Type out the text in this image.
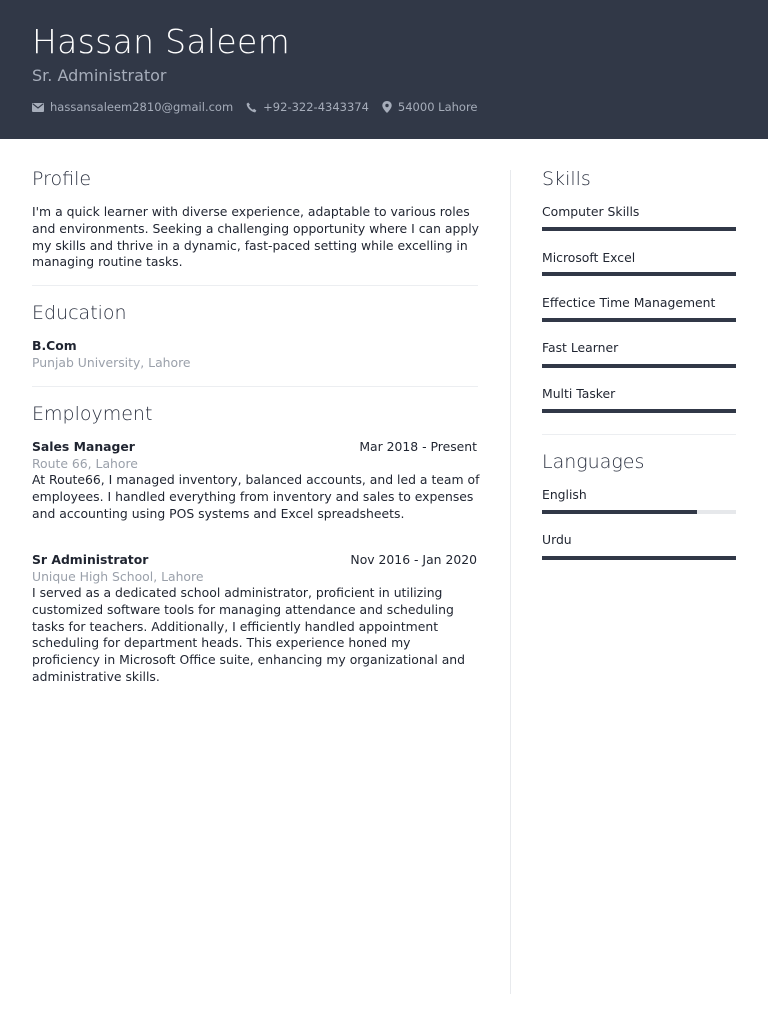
Hassan Saleem
Sr. Administrator
hassansaleem2810@gmail.com	+92-322-4343374	54000 Lahore
Profile
I'm a quick learner with diverse experience, adaptable to various roles and environments. Seeking a challenging opportunity where I can apply my skills and thrive in a dynamic, fast-paced setting while excelling in managing routine tasks.
Education
B.Com
Punjab University, Lahore
Employment
Sales Manager	Mar 2018 - Present
Route 66, Lahore
At Route66, I managed inventory, balanced accounts, and led a team of employees. I handled everything from inventory and sales to expenses and accounting using POS systems and Excel spreadsheets.
Sr Administrator	Nov 2016 - Jan 2020
Unique High School, Lahore
I served as a dedicated school administrator, proficient in utilizing customized software tools for managing attendance and scheduling tasks for teachers. Additionally, I efficiently handled appointment scheduling for department heads. This experience honed my proficiency in Microsoft Office suite, enhancing my organizational and administrative skills.
Skills
Computer Skills
Microsoft Excel
Effectice Time Management
Fast Learner
Multi Tasker
Languages
English
Urdu
